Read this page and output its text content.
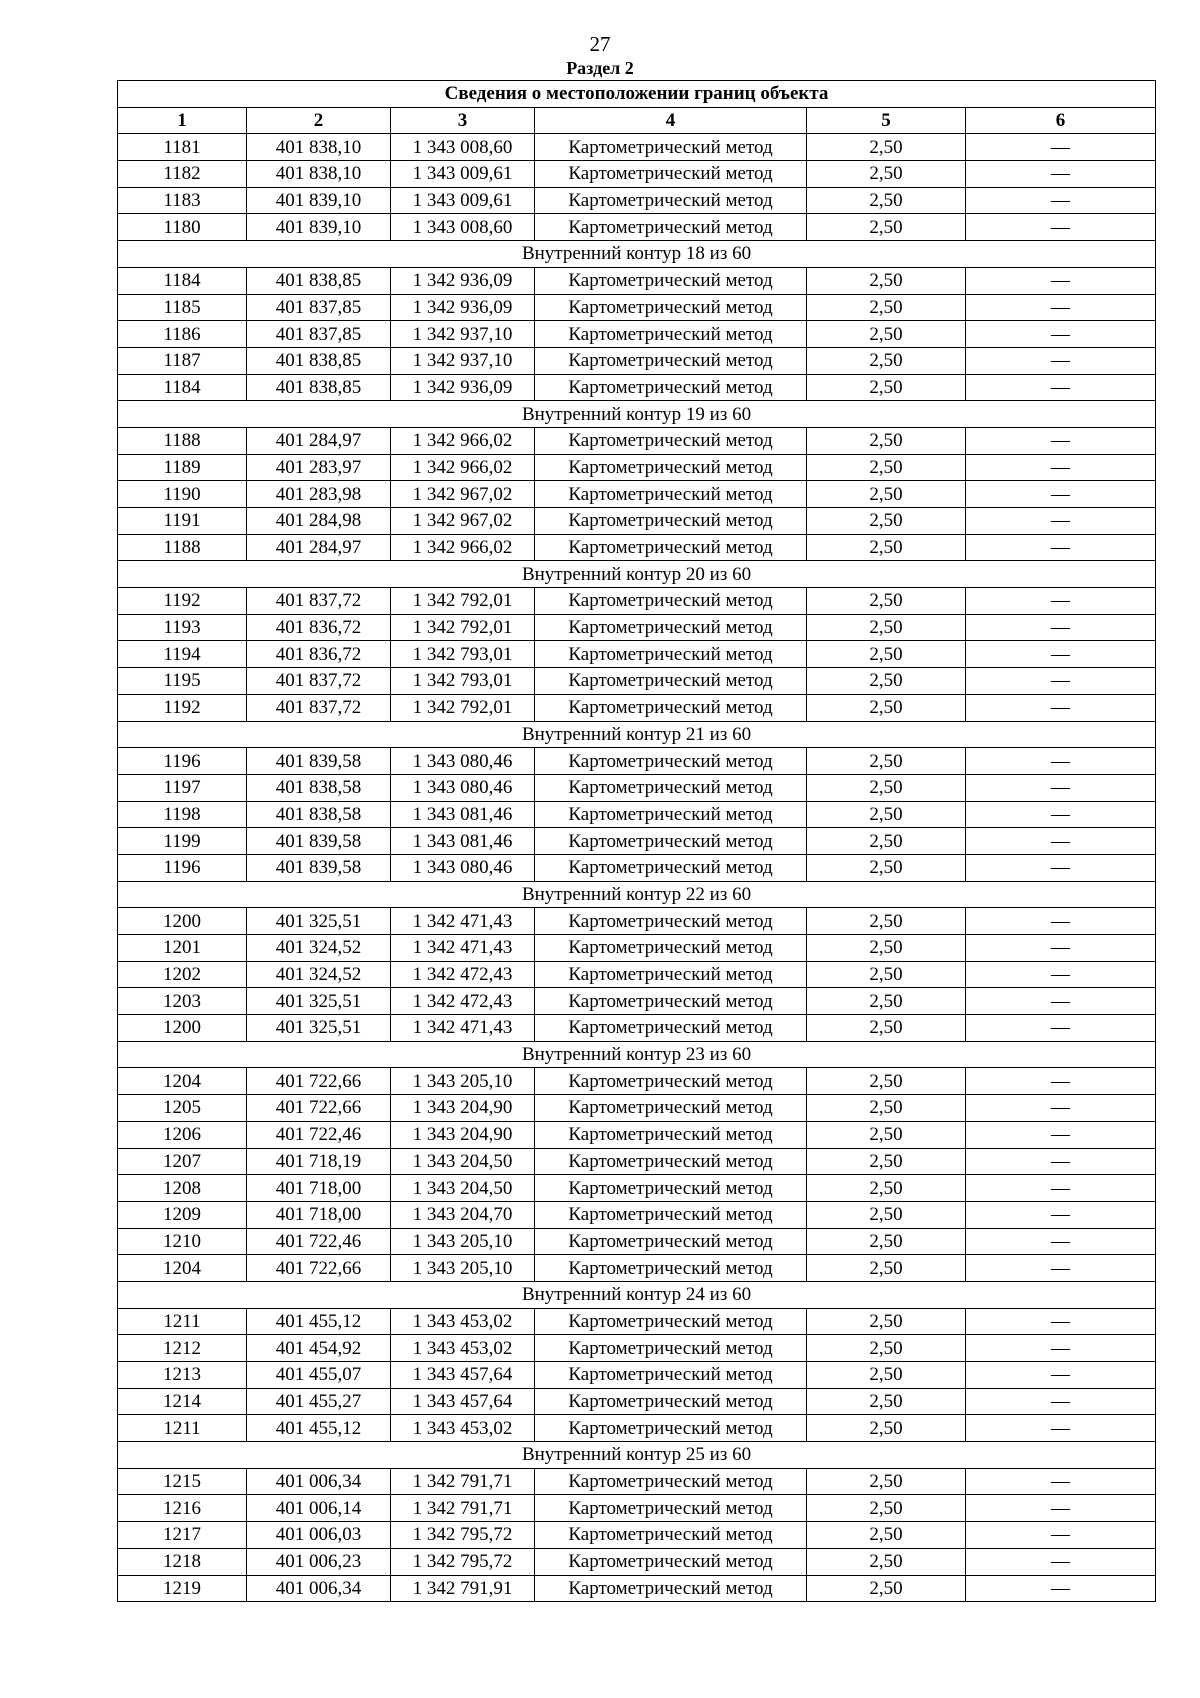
27
Раздел 2
Сведения о местоположении границ объекта					
1	2	3	4	5	6
1181	401 838,10	1 343 008,60	Картометрический метод	2,50	—
1182	401 838,10	1 343 009,61	Картометрический метод	2,50	—
1183	401 839,10	1 343 009,61	Картометрический метод	2,50	—
1180	401 839,10	1 343 008,60	Картометрический метод	2,50	—
Внутренний контур 18 из 60					
1184	401 838,85	1 342 936,09	Картометрический метод	2,50	—
1185	401 837,85	1 342 936,09	Картометрический метод	2,50	—
1186	401 837,85	1 342 937,10	Картометрический метод	2,50	—
1187	401 838,85	1 342 937,10	Картометрический метод	2,50	—
1184	401 838,85	1 342 936,09	Картометрический метод	2,50	—
Внутренний контур 19 из 60					
1188	401 284,97	1 342 966,02	Картометрический метод	2,50	—
1189	401 283,97	1 342 966,02	Картометрический метод	2,50	—
1190	401 283,98	1 342 967,02	Картометрический метод	2,50	—
1191	401 284,98	1 342 967,02	Картометрический метод	2,50	—
1188	401 284,97	1 342 966,02	Картометрический метод	2,50	—
Внутренний контур 20 из 60					
1192	401 837,72	1 342 792,01	Картометрический метод	2,50	—
1193	401 836,72	1 342 792,01	Картометрический метод	2,50	—
1194	401 836,72	1 342 793,01	Картометрический метод	2,50	—
1195	401 837,72	1 342 793,01	Картометрический метод	2,50	—
1192	401 837,72	1 342 792,01	Картометрический метод	2,50	—
Внутренний контур 21 из 60					
1196	401 839,58	1 343 080,46	Картометрический метод	2,50	—
1197	401 838,58	1 343 080,46	Картометрический метод	2,50	—
1198	401 838,58	1 343 081,46	Картометрический метод	2,50	—
1199	401 839,58	1 343 081,46	Картометрический метод	2,50	—
1196	401 839,58	1 343 080,46	Картометрический метод	2,50	—
Внутренний контур 22 из 60					
1200	401 325,51	1 342 471,43	Картометрический метод	2,50	—
1201	401 324,52	1 342 471,43	Картометрический метод	2,50	—
1202	401 324,52	1 342 472,43	Картометрический метод	2,50	—
1203	401 325,51	1 342 472,43	Картометрический метод	2,50	—
1200	401 325,51	1 342 471,43	Картометрический метод	2,50	—
Внутренний контур 23 из 60					
1204	401 722,66	1 343 205,10	Картометрический метод	2,50	—
1205	401 722,66	1 343 204,90	Картометрический метод	2,50	—
1206	401 722,46	1 343 204,90	Картометрический метод	2,50	—
1207	401 718,19	1 343 204,50	Картометрический метод	2,50	—
1208	401 718,00	1 343 204,50	Картометрический метод	2,50	—
1209	401 718,00	1 343 204,70	Картометрический метод	2,50	—
1210	401 722,46	1 343 205,10	Картометрический метод	2,50	—
1204	401 722,66	1 343 205,10	Картометрический метод	2,50	—
Внутренний контур 24 из 60					
1211	401 455,12	1 343 453,02	Картометрический метод	2,50	—
1212	401 454,92	1 343 453,02	Картометрический метод	2,50	—
1213	401 455,07	1 343 457,64	Картометрический метод	2,50	—
1214	401 455,27	1 343 457,64	Картометрический метод	2,50	—
1211	401 455,12	1 343 453,02	Картометрический метод	2,50	—
Внутренний контур 25 из 60					
1215	401 006,34	1 342 791,71	Картометрический метод	2,50	—
1216	401 006,14	1 342 791,71	Картометрический метод	2,50	—
1217	401 006,03	1 342 795,72	Картометрический метод	2,50	—
1218	401 006,23	1 342 795,72	Картометрический метод	2,50	—
1219	401 006,34	1 342 791,91	Картометрический метод	2,50	—
